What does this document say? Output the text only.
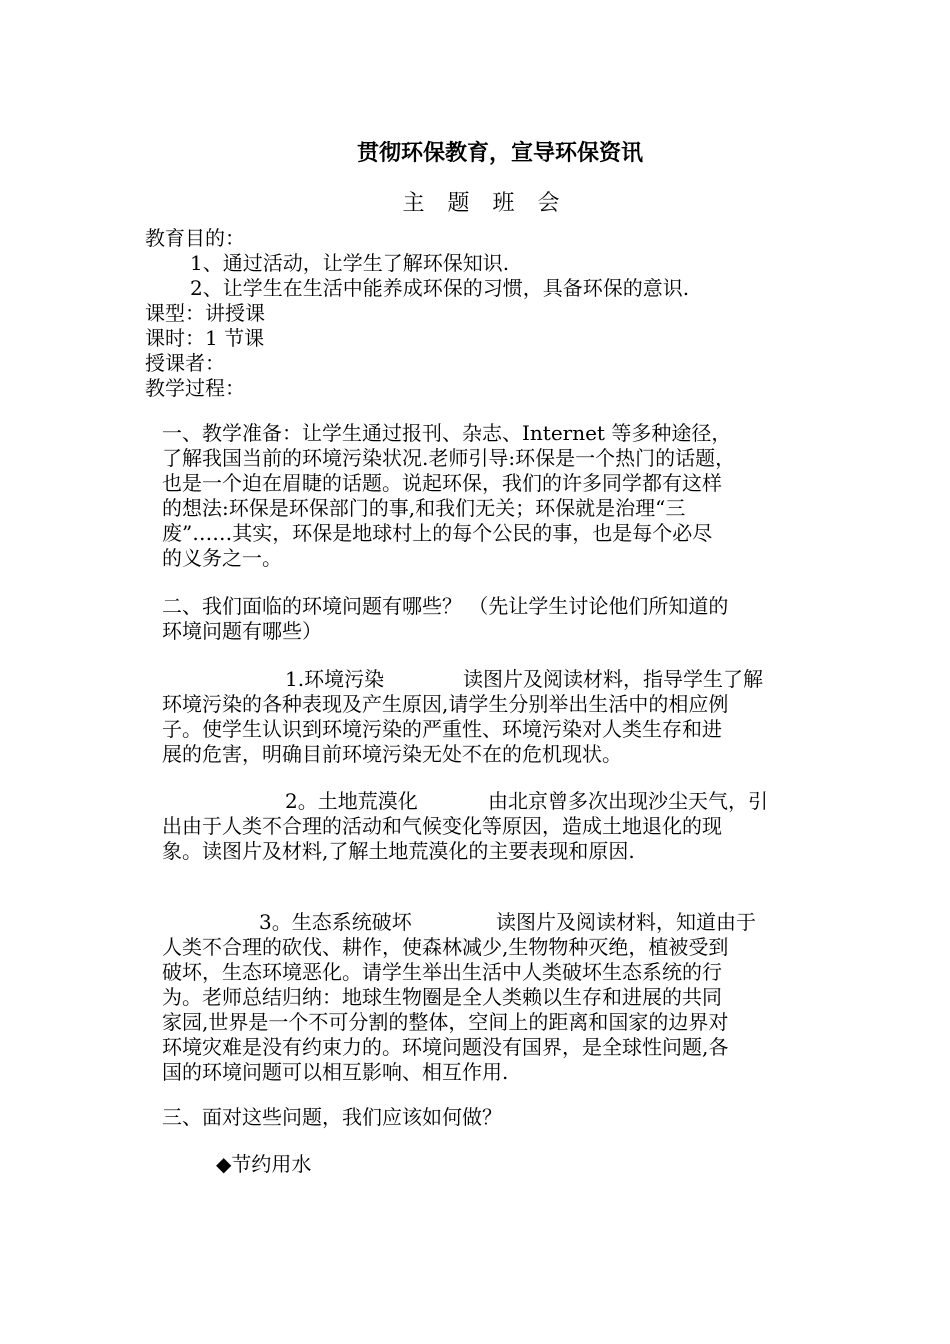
贯彻环保教育，宣导环保资讯
主 题 班 会
教育目的：
1、通过活动，让学生了解环保知识.
2、让学生在生活中能养成环保的习惯，具备环保的意识.
课型：讲授课
课时：1 节课
授课者：
教学过程：
一、教学准备：让学生通过报刊、杂志、Internet 等多种途径，
了解我国当前的环境污染状况.老师引导:环保是一个热门的话题，
也是一个迫在眉睫的话题。说起环保，我们的许多同学都有这样
的想法:环保是环保部门的事,和我们无关；环保就是治理“三
废”……其实，环保是地球村上的每个公民的事，也是每个必尽
的义务之一。
二、我们面临的环境问题有哪些？ （先让学生讨论他们所知道的
环境问题有哪些）
1.环境污染	读图片及阅读材料，指导学生了解
环境污染的各种表现及产生原因,请学生分别举出生活中的相应例
子。使学生认识到环境污染的严重性、环境污染对人类生存和进
展的危害，明确目前环境污染无处不在的危机现状。
2。土地荒漠化	由北京曾多次出现沙尘天气，引
出由于人类不合理的活动和气候变化等原因，造成土地退化的现
象。读图片及材料,了解土地荒漠化的主要表现和原因.
3。生态系统破坏	读图片及阅读材料，知道由于
人类不合理的砍伐、耕作，使森林减少,生物物种灭绝，植被受到
破坏，生态环境恶化。请学生举出生活中人类破坏生态系统的行
为。老师总结归纳：地球生物圈是全人类赖以生存和进展的共同
家园,世界是一个不可分割的整体，空间上的距离和国家的边界对
环境灾难是没有约束力的。环境问题没有国界，是全球性问题,各
国的环境问题可以相互影响、相互作用.
三、面对这些问题，我们应该如何做？
◆节约用水
